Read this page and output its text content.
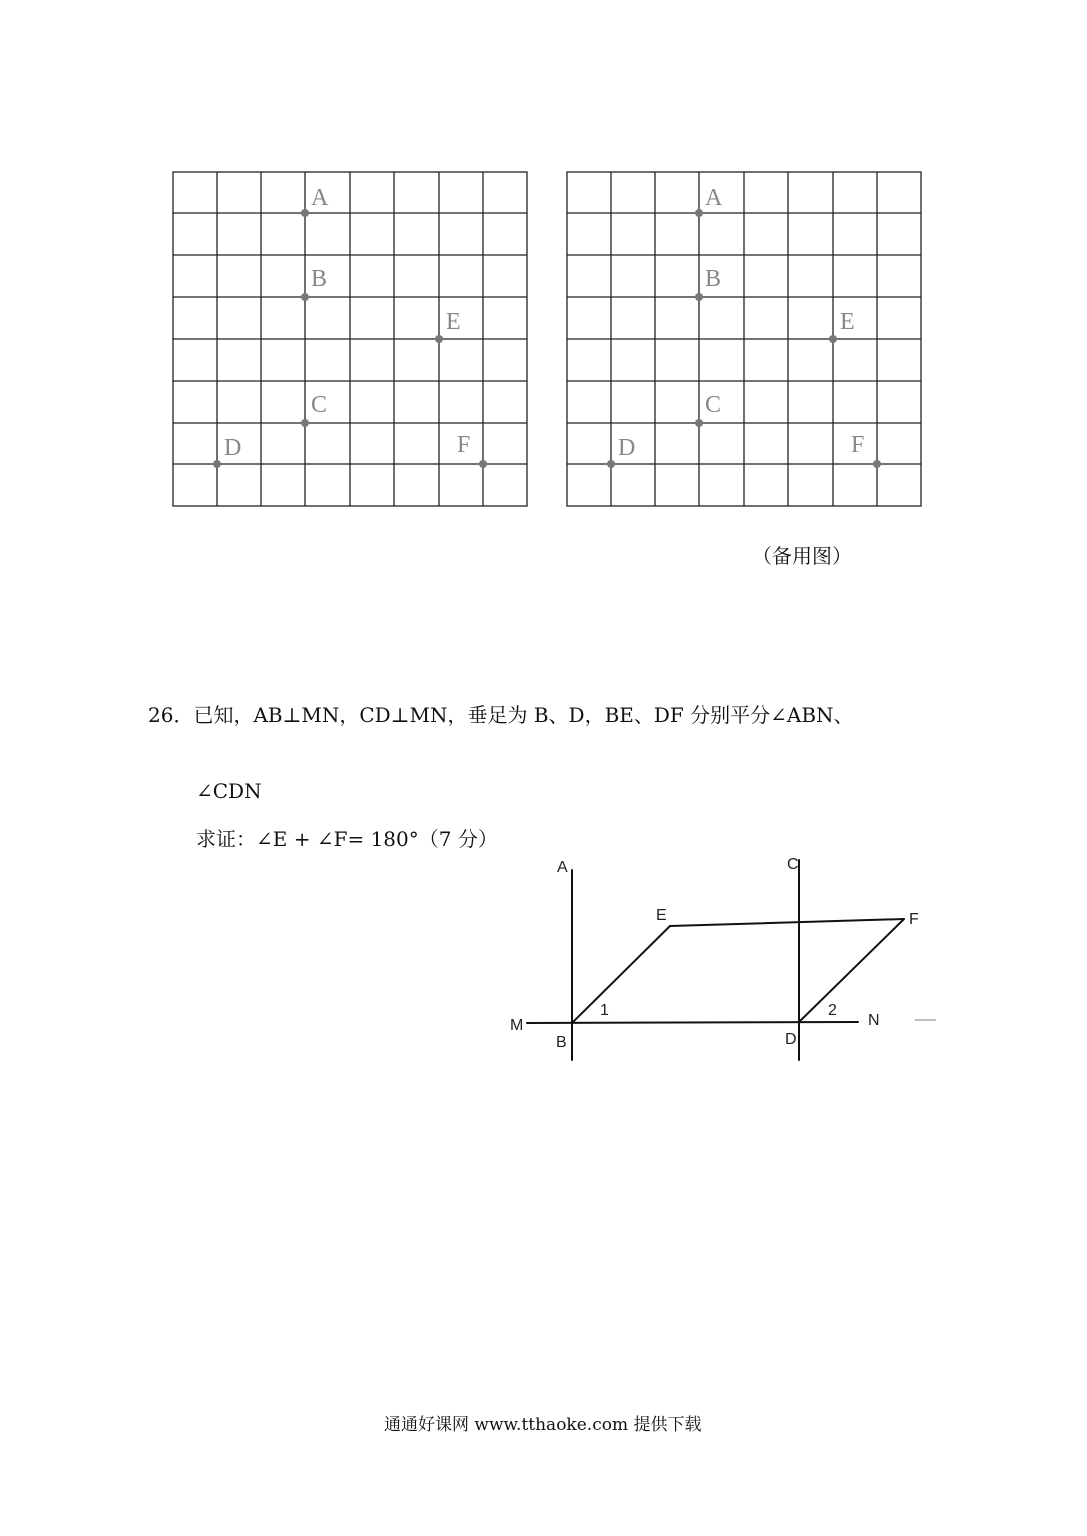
A
B
E
C
D	F
A
B
E
C
D	F
（备用图）
26．已知，AB⊥MN，CD⊥MN，垂足为 B、D，BE、DF 分别平分∠ABN、
∠CDN
求证：∠E + ∠F= 180°（7 分）
A	C
E	F
M	N
B	D
1	2
通通好课网 www.tthaoke.com 提供下载
